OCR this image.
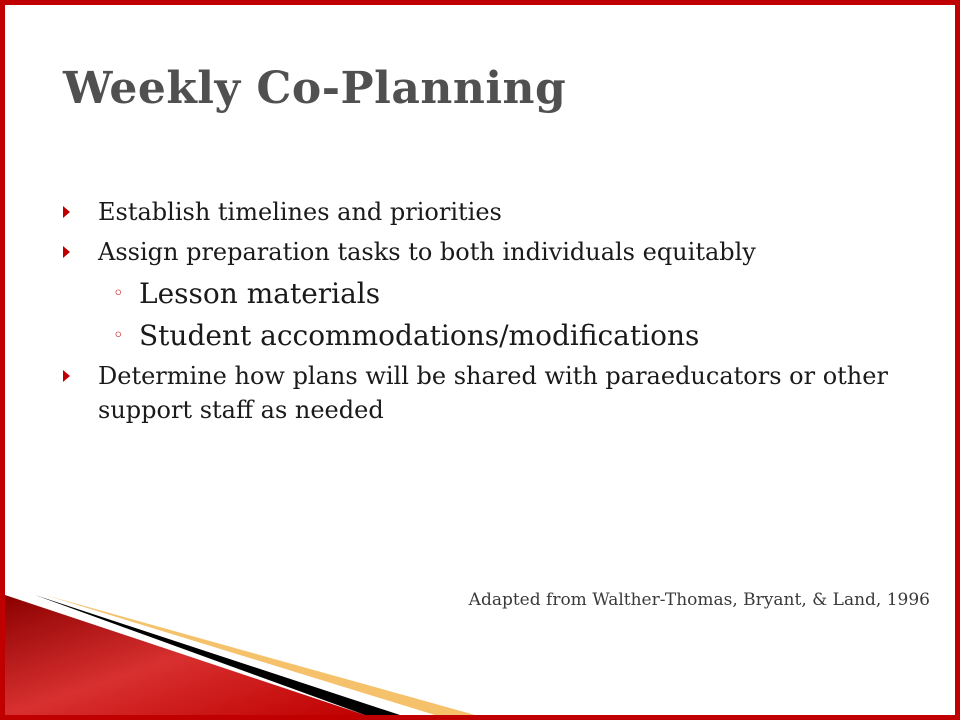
Weekly Co-Planning
Establish timelines and priorities
Assign preparation tasks to both individuals equitably
◦ Lesson materials
◦ Student accommodations/modifications
Determine how plans will be shared with paraeducators or other support staff as needed
Adapted from Walther-Thomas, Bryant, & Land, 1996
